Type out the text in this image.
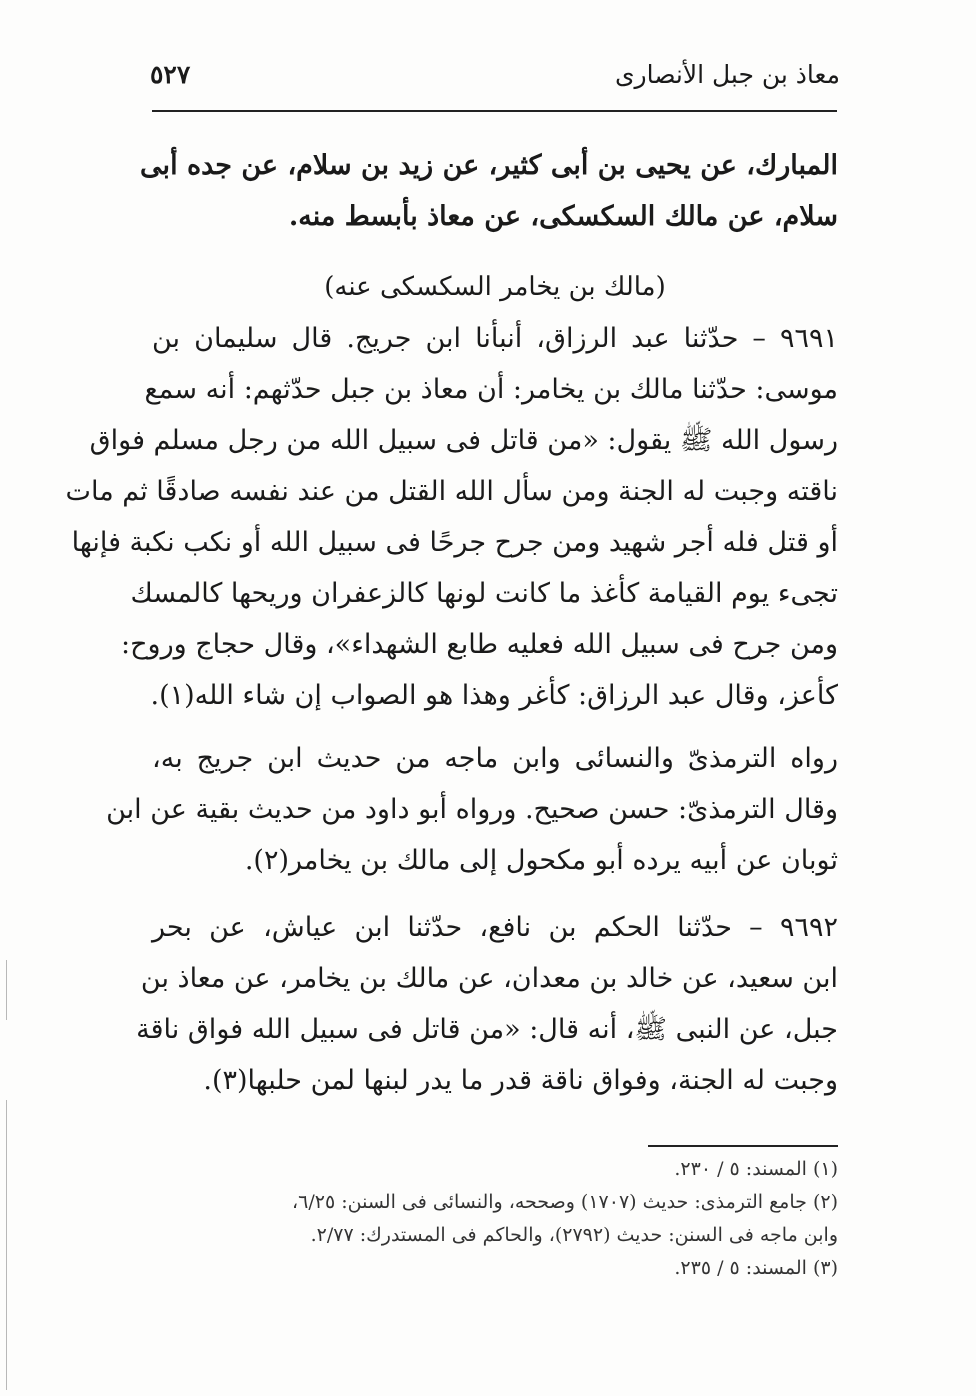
معاذ بن جبل الأنصارى
٥٢٧
المبارك، عن يحيى بن أبى كثير، عن زيد بن سلام، عن جده أبى
سلام، عن مالك السكسكى، عن معاذ بأبسط منه.
(مالك بن يخامر السكسكى عنه)
٩٦٩١ – حدّثنا عبد الرزاق، أنبأنا ابن جريج. قال سليمان بن
موسى: حدّثنا مالك بن يخامر: أن معاذ بن جبل حدّثهم: أنه سمع
رسول الله ﷺ يقول: «من قاتل فى سبيل الله من رجل مسلم فواق
ناقته وجبت له الجنة ومن سأل الله القتل من عند نفسه صادقًا ثم مات
أو قتل فله أجر شهيد ومن جرح جرحًا فى سبيل الله أو نكب نكبة فإنها
تجىء يوم القيامة كأغذ ما كانت لونها كالزعفران وريحها كالمسك
ومن جرح فى سبيل الله فعليه طابع الشهداء»، وقال حجاج وروح:
كأعز، وقال عبد الرزاق: كأغر وهذا هو الصواب إن شاء الله(١).
رواه الترمذىّ والنسائى وابن ماجه من حديث ابن جريج به،
وقال الترمذىّ: حسن صحيح. ورواه أبو داود من حديث بقية عن ابن
ثوبان عن أبيه يرده أبو مكحول إلى مالك بن يخامر(٢).
٩٦٩٢ – حدّثنا الحكم بن نافع، حدّثنا ابن عياش، عن بحر
ابن سعيد، عن خالد بن معدان، عن مالك بن يخامر، عن معاذ بن
جبل، عن النبى ﷺ، أنه قال: «من قاتل فى سبيل الله فواق ناقة
وجبت له الجنة، وفواق ناقة قدر ما يدر لبنها لمن حلبها(٣).
(١) المسند: ٥ / ٢٣٠.
(٢) جامع الترمذى: حديث (١٧٠٧) وصححه، والنسائى فى السنن: ٦/٢٥،
وابن ماجه فى السنن: حديث (٢٧٩٢)، والحاكم فى المستدرك: ٢/٧٧.
(٣) المسند: ٥ / ٢٣٥.
